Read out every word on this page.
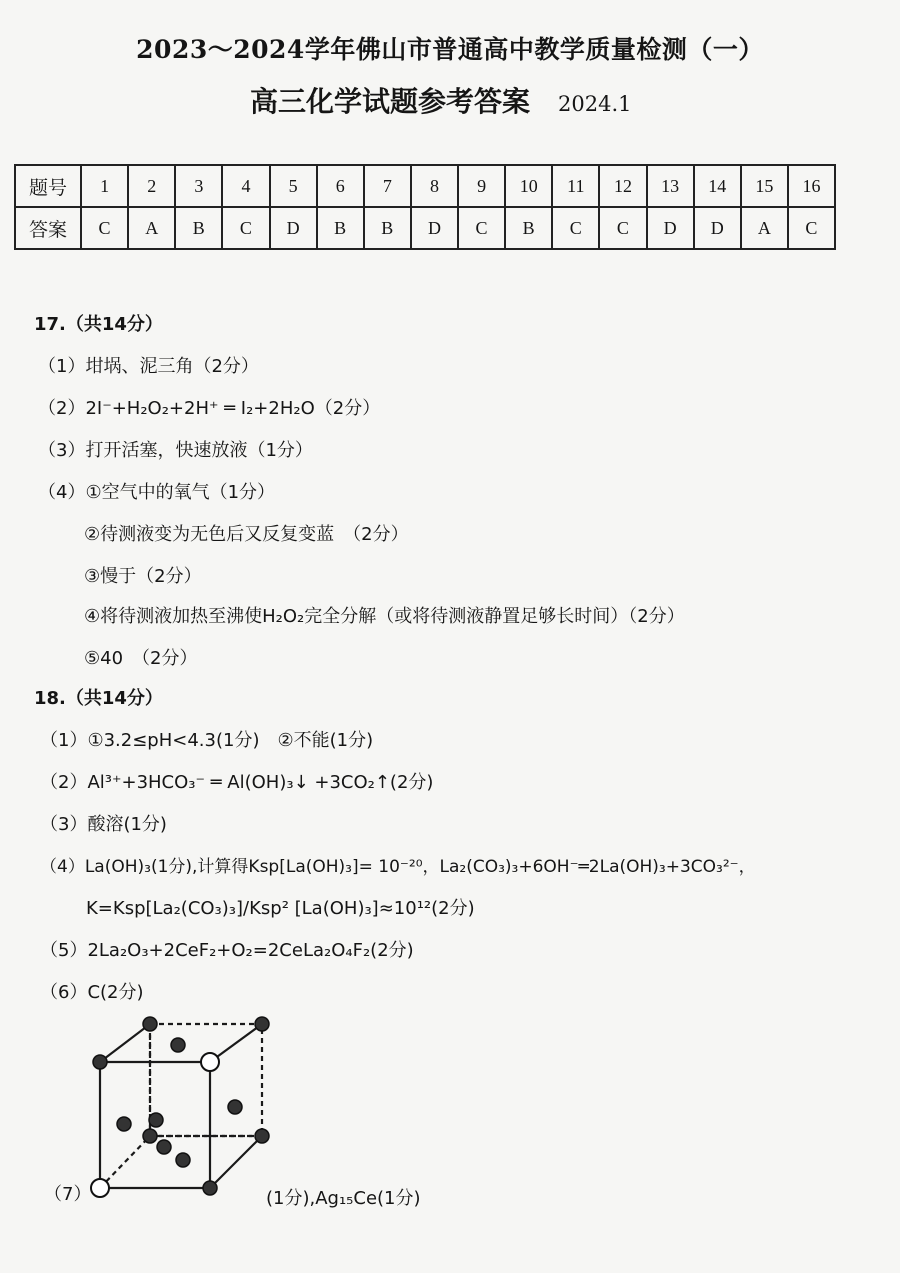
2023～2024学年佛山市普通高中教学质量检测（一）
高三化学试题参考答案 2024.1
题号	1	2	3	4	5	6	7	8	9	10	11	12	13	14	15	16
答案	C	A	B	C	D	B	B	D	C	B	C	C	D	D	A	C
17.（共14分）
（1）坩埚、泥三角（2分）
（2）2I⁻+H₂O₂+2H⁺ ═ I₂+2H₂O（2分）
（3）打开活塞，快速放液（1分）
（4）①空气中的氧气（1分）
②待测液变为无色后又反复变蓝　（2分）
③慢于（2分）
④将待测液加热至沸使H₂O₂完全分解（或将待测液静置足够长时间）（2分）
⑤40　（2分）
18.（共14分）
（1）①3.2≤pH<4.3(1分)　②不能(1分)
（2）Al³⁺+3HCO₃⁻ ═ Al(OH)₃↓ +3CO₂↑(2分)
（3）酸溶(1分)
（4）La(OH)₃(1分),计算得Ksp[La(OH)₃]= 10⁻²⁰，La₂(CO₃)₃+6OH⁻═2La(OH)₃+3CO₃²⁻，
K=Ksp[La₂(CO₃)₃]/Ksp² [La(OH)₃]≈10¹²(2分)
（5）2La₂O₃+2CeF₂+O₂=2CeLa₂O₄F₂(2分)
（6）C(2分)
（7）	(1分),Ag₁₅Ce(1分)
